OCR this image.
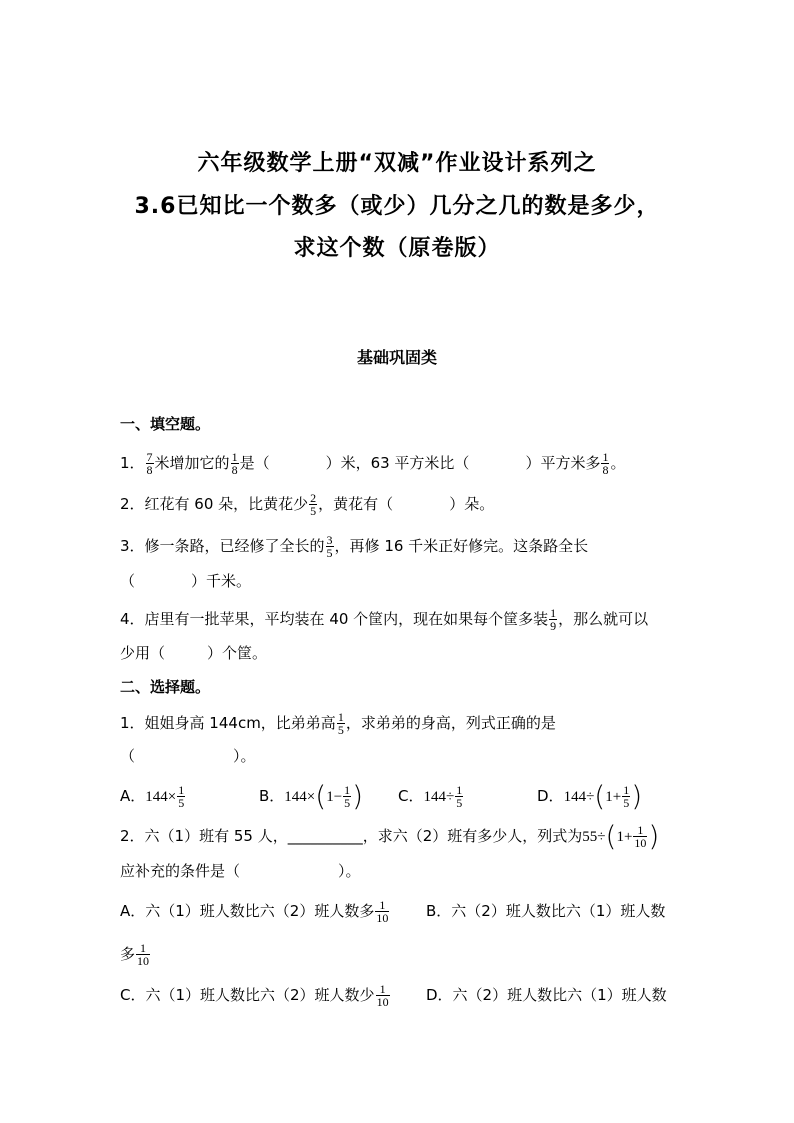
六年级数学上册“双减”作业设计系列之
3.6已知比一个数多（或少）几分之几的数是多少，
求这个数（原卷版）
基础巩固类
一、填空题。
1． $\frac{7}{8}$ 米增加它的 $\frac{1}{8}$ 是（	）米，63 平方米比（	）平方米多 $\frac{1}{8}$ 。
2．红花有 60 朵，比黄花少 $\frac{2}{5}$ ，黄花有（	）朵。
3．修一条路，已经修了全长的 $\frac{3}{5}$ ，再修 16 千米正好修完。这条路全长
（	）千米。
4．店里有一批苹果，平均装在 40 个筐内，现在如果每个筐多装 $\frac{1}{9}$ ，那么就可以
少用（	）个筐。
二、选择题。
1．姐姐身高 144cm，比弟弟高 $\frac{1}{5}$ ，求弟弟的身高，列式正确的是
（	）。
A．$144\times \frac{1}{5}$	B．$144\times(1- \frac{1}{5}$ ) C．$144\div \frac{1}{5}$	D．$144\div(1+ \frac{1}{5}$ )
2．六（1）班有 55 人，__________，求六（2）班有多少人，列式为$55\div(1+ \frac{1}{10}$ )
应补充的条件是（	）。
A．六（1）班人数比六（2）班人数多 $\frac{1}{10}$ B．六（2）班人数比六（1）班人数
多 $\frac{1}{10}$
C．六（1）班人数比六（2）班人数少 $\frac{1}{10}$ D．六（2）班人数比六（1）班人数
